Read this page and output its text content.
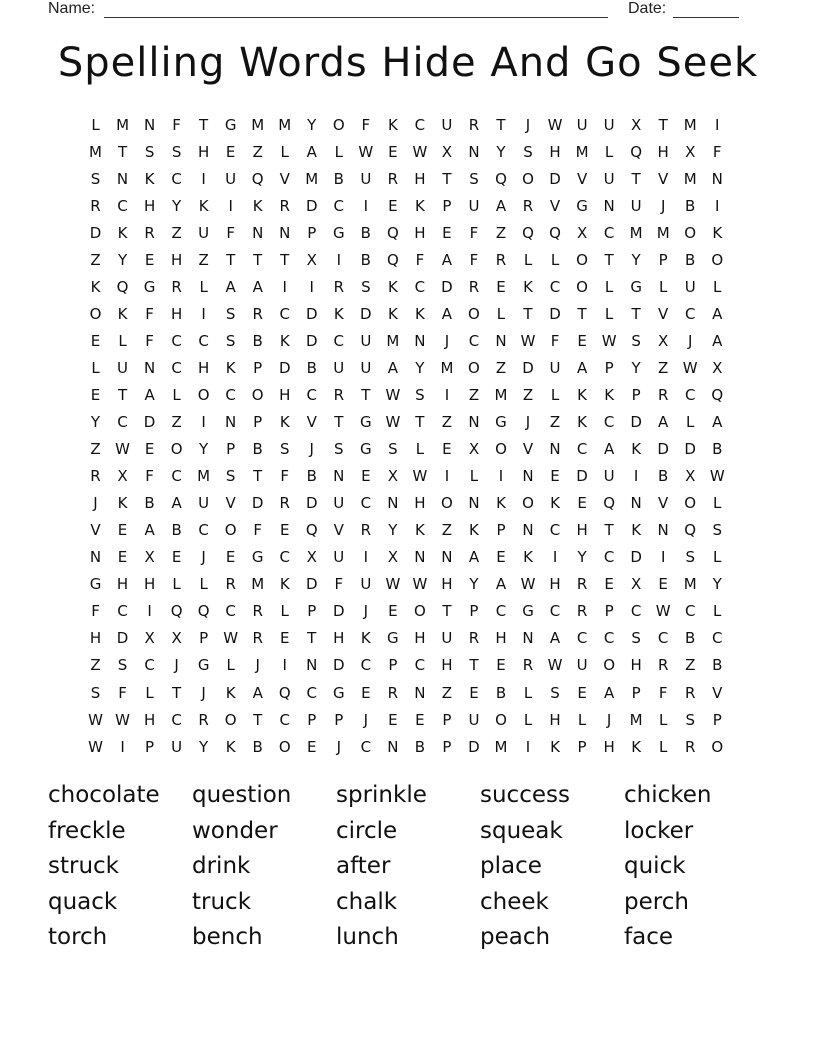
Name:	Date:
Spelling Words Hide And Go Seek
L	M N	F	T	G M M	Y	O	F	K	C	U	R	T	J	W U	U	X	T	M	I
M	T	S	S	H	E	Z	L	A	L	W E W X	N	Y	S	H M	L	Q	H	X	F
S	N	K	C	I	U	Q	V	M	B	U	R	H	T	S	Q	O	D	V	U	T	V	M N
R	C	H	Y	K	I	K	R	D	C	I	E	K	P	U	A	R	V	G	N	U	J	B	I
D	K	R	Z	U	F	N	N	P	G	B	Q	H	E	F	Z	Q	Q	X	C	M M O	K
Z	Y	E	H	Z	T	T	T	X	I	B	Q	F	A	F	R	L	L	O	T	Y	P	B	O
K	Q	G	R	L	A	A	I	I	R	S	K	C	D	R	E	K	C	O	L	G	L	U	L
O	K	F	H	I	S	R	C	D	K	D	K	K	A	O	L	T	D	T	L	T	V	C	A
E	L	F	C	C	S	B	K	D	C	U	M N	J	C	N W	F	E W S	X	J	A
L	U	N	C	H	K	P	D	B	U	U	A	Y	M O	Z	D	U	A	P	Y	Z W X
E	T	A	L	O	C	O	H	C	R	T	W S	I	Z	M	Z	L	K	K	P	R	C	Q
Y	C	D	Z	I	N	P	K	V	T	G W	T	Z	N	G	J	Z	K	C	D	A	L	A
Z W E	O	Y	P	B	S	J	S	G	S	L	E	X	O	V	N	C	A	K	D	D	B
R	X	F	C	M	S	T	F	B	N	E	X W	I	L	I	N	E	D	U	I	B	X W
J	K	B	A	U	V	D	R	D	U	C	N	H	O	N	K	O	K	E	Q	N	V	O	L
V	E	A	B	C	O	F	E	Q	V	R	Y	K	Z	K	P	N	C	H	T	K	N	Q	S
N	E	X	E	J	E	G	C	X	U	I	X	N	N	A	E	K	I	Y	C	D	I	S	L
G	H	H	L	L	R	M	K	D	F	U W W H	Y	A W H	R	E	X	E	M	Y
F	C	I	Q	Q	C	R	L	P	D	J	E	O	T	P	C	G	C	R	P	C W C	L
H	D	X	X	P	W R	E	T	H	K	G	H	U	R	H	N	A	C	C	S	C	B	C
Z	S	C	J	G	L	J	I	N	D	C	P	C	H	T	E	R W U	O	H	R	Z	B
S	F	L	T	J	K	A	Q	C	G	E	R	N	Z	E	B	L	S	E	A	P	F	R	V
W W H	C	R	O	T	C	P	P	J	E	E	P	U	O	L	H	L	J	M	L	S	P
W	I	P	U	Y	K	B	O	E	J	C	N	B	P	D M	I	K	P	H	K	L	R	O
chocolate	question	sprinkle	success	chicken
freckle	wonder	circle	squeak	locker
struck	drink	after	place	quick
quack	truck	chalk	cheek	perch
torch	bench	lunch	peach	face
